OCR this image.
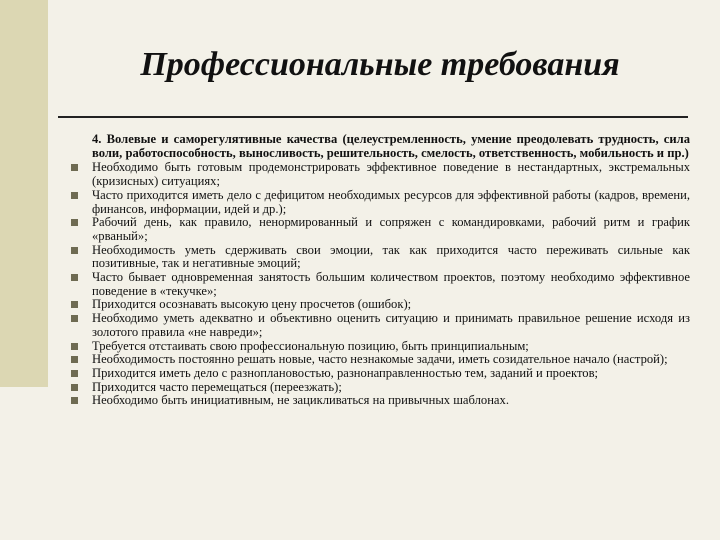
Профессиональные требования
4. Волевые и саморегулятивные качества (целеустремленность, умение преодолевать трудность, сила воли, работоспособность, выносливость, решительность, смелость, ответственность, мобильность и пр.)
Необходимо быть готовым продемонстрировать эффективное поведение в нестандартных, экстремальных (кризисных) ситуациях;
Часто приходится иметь дело с дефицитом необходимых ресурсов для эффективной работы (кадров, времени, финансов, информации, идей и др.);
Рабочий день, как правило, ненормированный и сопряжен с командировками, рабочий ритм и график «рваный»;
Необходимость уметь сдерживать свои эмоции, так как приходится часто переживать сильные как позитивные, так и негативные эмоций;
Часто бывает одновременная занятость большим количеством проектов, поэтому необходимо эффективное поведение в «текучке»;
Приходится осознавать высокую цену просчетов (ошибок);
Необходимо уметь адекватно и объективно оценить ситуацию и принимать правильное решение исходя из золотого правила «не навреди»;
Требуется отстаивать свою профессиональную позицию, быть принципиальным;
Необходимость постоянно решать новые, часто незнакомые задачи, иметь созидательное начало (настрой);
Приходится иметь дело с разноплановостью, разнонаправленностью тем, заданий и проектов;
Приходится часто перемещаться (переезжать);
Необходимо быть инициативным, не зацикливаться на привычных шаблонах.
